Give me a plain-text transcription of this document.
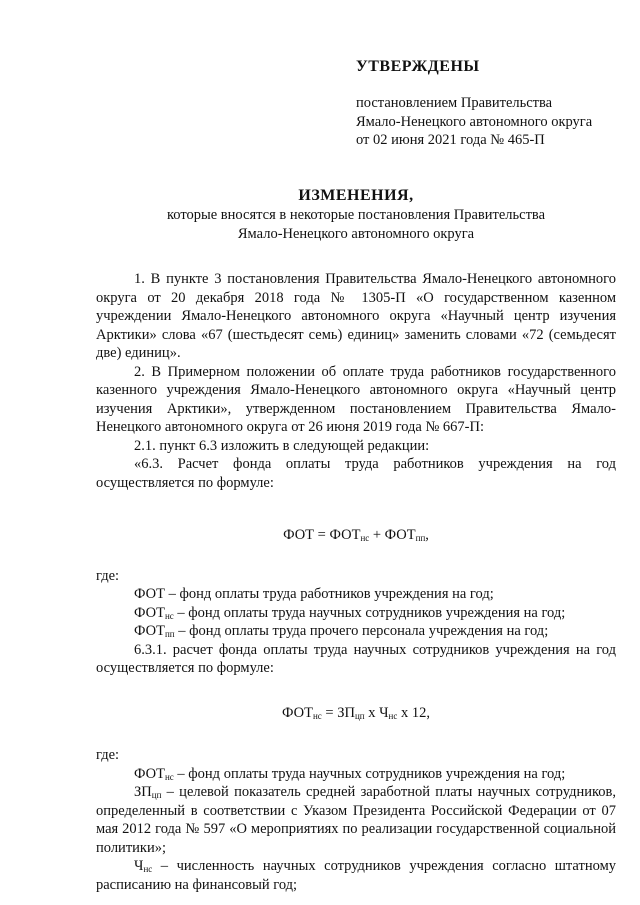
УТВЕРЖДЕНЫ
постановлением Правительства
Ямало-Ненецкого автономного округа
от 02 июня 2021 года № 465-П
ИЗМЕНЕНИЯ,
которые вносятся в некоторые постановления Правительства
Ямало-Ненецкого автономного округа

1. В пункте 3 постановления Правительства Ямало-Ненецкого автономного округа от 20 декабря 2018 года № 1305-П «О государственном казенном учреждении Ямало-Ненецкого автономного округа «Научный центр изучения Арктики» слова «67 (шестьдесят семь) единиц» заменить словами «72 (семьдесят две) единиц».

2. В Примерном положении об оплате труда работников государственного казенного учреждения Ямало-Ненецкого автономного округа «Научный центр изучения Арктики», утвержденном постановлением Правительства Ямало-Ненецкого автономного округа от 26 июня 2019 года № 667-П:

2.1. пункт 6.3 изложить в следующей редакции:

«6.3. Расчет фонда оплаты труда работников учреждения на год осуществляется по формуле:

ФОТ = $ФОТ_{нс} + ФОТ_{пп}$,

где:

ФОТ – фонд оплаты труда работников учреждения на год;

$ФОТ_{нс}$ – фонд оплаты труда научных сотрудников учреждения на год;

$ФОТ_{пп}$ – фонд оплаты труда прочего персонала учреждения на год;

6.3.1. расчет фонда оплаты труда научных сотрудников учреждения на год осуществляется по формуле:

$ФОТ_{нс} = ЗП_{цп}$ х $Ч_{нс}$ х 12,

где:

$ФОТ_{нс}$ – фонд оплаты труда научных сотрудников учреждения на год;

$ЗП_{цп}$ – целевой показатель средней заработной платы научных сотрудников, определенный в соответствии с Указом Президента Российской Федерации от 07 мая 2012 года № 597 «О мероприятиях по реализации государственной социальной политики»;

$Ч_{нс}$ – численность научных сотрудников учреждения согласно штатному расписанию на финансовый год;
